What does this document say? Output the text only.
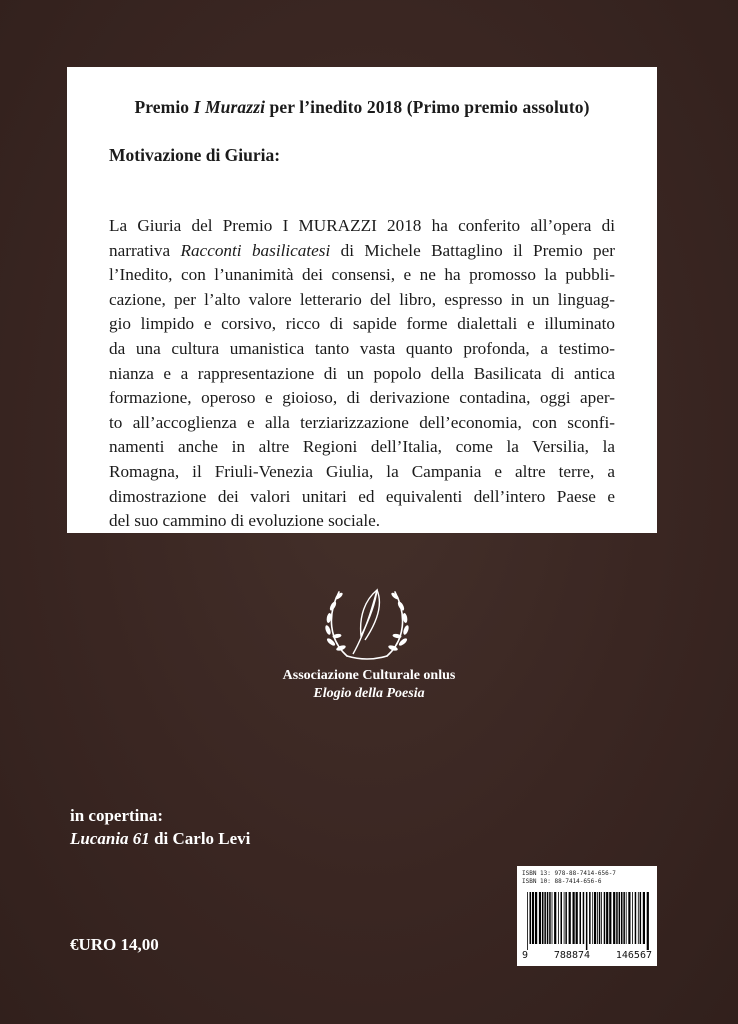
Premio I Murazzi per l’inedito 2018 (Primo premio assoluto)

Motivazione di Giuria:

La Giuria del Premio I MURAZZI 2018 ha conferito all’opera di
narrativa Racconti basilicatesi di Michele Battaglino il Premio per
l’Inedito, con l’unanimità dei consensi, e ne ha promosso la pubbli-
cazione, per l’alto valore letterario del libro, espresso in un linguag-
gio limpido e corsivo, ricco di sapide forme dialettali e illuminato
da una cultura umanistica tanto vasta quanto profonda, a testimo-
nianza e a rappresentazione di un popolo della Basilicata di antica
formazione, operoso e gioioso, di derivazione contadina, oggi aper-
to all’accoglienza e alla terziarizzazione dell’economia, con sconfi-
namenti anche in altre Regioni dell’Italia, come la Versilia, la
Romagna, il Friuli-Venezia Giulia, la Campania e altre terre, a
dimostrazione dei valori unitari ed equivalenti dell’intero Paese e
del suo cammino di evoluzione sociale.

Associazione Culturale onlus
Elogio della Poesia
in copertina:
Lucania 61 di Carlo Levi
€URO 14,00
ISBN 13: 978-88-7414-656-7
ISBN 10: 88-7414-656-6
9	788874	146567
